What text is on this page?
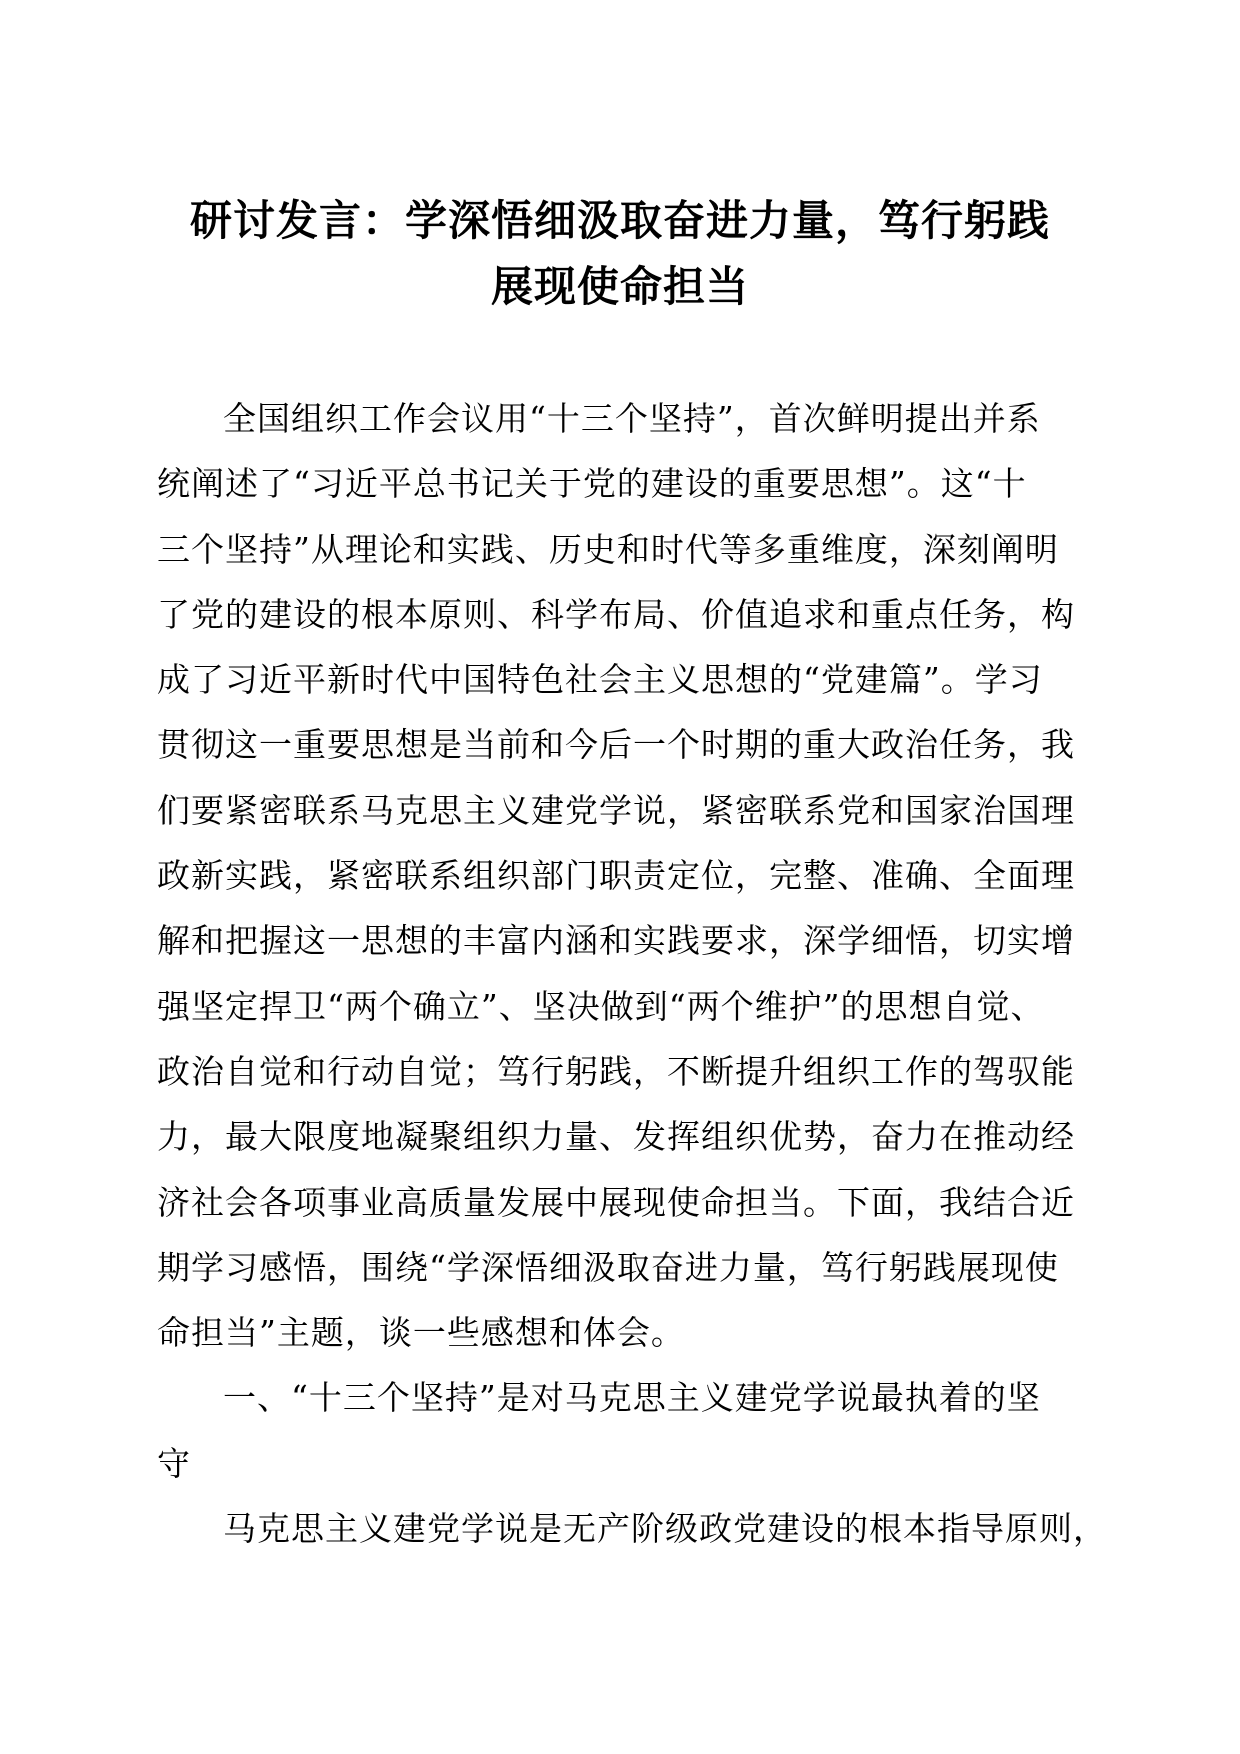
研讨发言：学深悟细汲取奋进力量，笃行躬践
展现使命担当

全国组织工作会议用“十三个坚持”，首次鲜明提出并系
统阐述了“习近平总书记关于党的建设的重要思想”。这“十
三个坚持”从理论和实践、历史和时代等多重维度，深刻阐明
了党的建设的根本原则、科学布局、价值追求和重点任务，构
成了习近平新时代中国特色社会主义思想的“党建篇”。学习
贯彻这一重要思想是当前和今后一个时期的重大政治任务，我
们要紧密联系马克思主义建党学说，紧密联系党和国家治国理
政新实践，紧密联系组织部门职责定位，完整、准确、全面理
解和把握这一思想的丰富内涵和实践要求，深学细悟，切实增
强坚定捍卫“两个确立”、坚决做到“两个维护”的思想自觉、
政治自觉和行动自觉；笃行躬践，不断提升组织工作的驾驭能
力，最大限度地凝聚组织力量、发挥组织优势，奋力在推动经
济社会各项事业高质量发展中展现使命担当。下面，我结合近
期学习感悟，围绕“学深悟细汲取奋进力量，笃行躬践展现使
命担当”主题，谈一些感想和体会。

一、“十三个坚持”是对马克思主义建党学说最执着的坚
守

马克思主义建党学说是无产阶级政党建设的根本指导原则，
